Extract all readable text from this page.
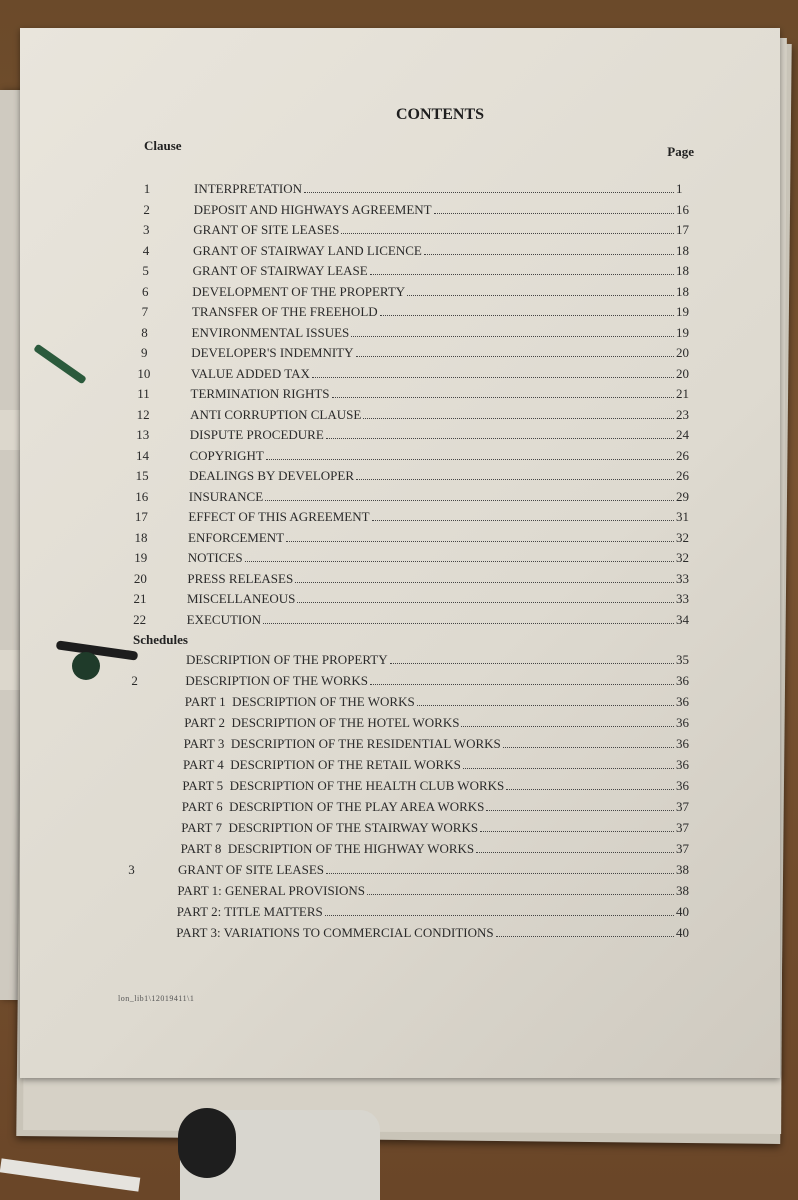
CONTENTS
Clause	Page
1	INTERPRETATION	1
2	DEPOSIT AND HIGHWAYS AGREEMENT	16
3	GRANT OF SITE LEASES	17
4	GRANT OF STAIRWAY LAND LICENCE	18
5	GRANT OF STAIRWAY LEASE	18
6	DEVELOPMENT OF THE PROPERTY	18
7	TRANSFER OF THE FREEHOLD	19
8	ENVIRONMENTAL ISSUES	19
9	DEVELOPER'S INDEMNITY	20
10	VALUE ADDED TAX	20
11	TERMINATION RIGHTS	21
12	ANTI CORRUPTION CLAUSE	23
13	DISPUTE PROCEDURE	24
14	COPYRIGHT	26
15	DEALINGS BY DEVELOPER	26
16	INSURANCE	29
17	EFFECT OF THIS AGREEMENT	31
18	ENFORCEMENT	32
19	NOTICES	32
20	PRESS RELEASES	33
21	MISCELLANEOUS	33
22	EXECUTION	34
Schedules
DESCRIPTION OF THE PROPERTY	35
2	DESCRIPTION OF THE WORKS	36
PART 1  DESCRIPTION OF THE WORKS	36
PART 2  DESCRIPTION OF THE HOTEL WORKS	36
PART 3  DESCRIPTION OF THE RESIDENTIAL WORKS	36
PART 4  DESCRIPTION OF THE RETAIL WORKS	36
PART 5  DESCRIPTION OF THE HEALTH CLUB WORKS	36
PART 6  DESCRIPTION OF THE PLAY AREA WORKS	37
PART 7  DESCRIPTION OF THE STAIRWAY WORKS	37
PART 8  DESCRIPTION OF THE HIGHWAY WORKS	37
3	GRANT OF SITE LEASES	38
PART 1: GENERAL PROVISIONS	38
PART 2: TITLE MATTERS	40
PART 3: VARIATIONS TO COMMERCIAL CONDITIONS	40
lon_lib1\12019411\1
